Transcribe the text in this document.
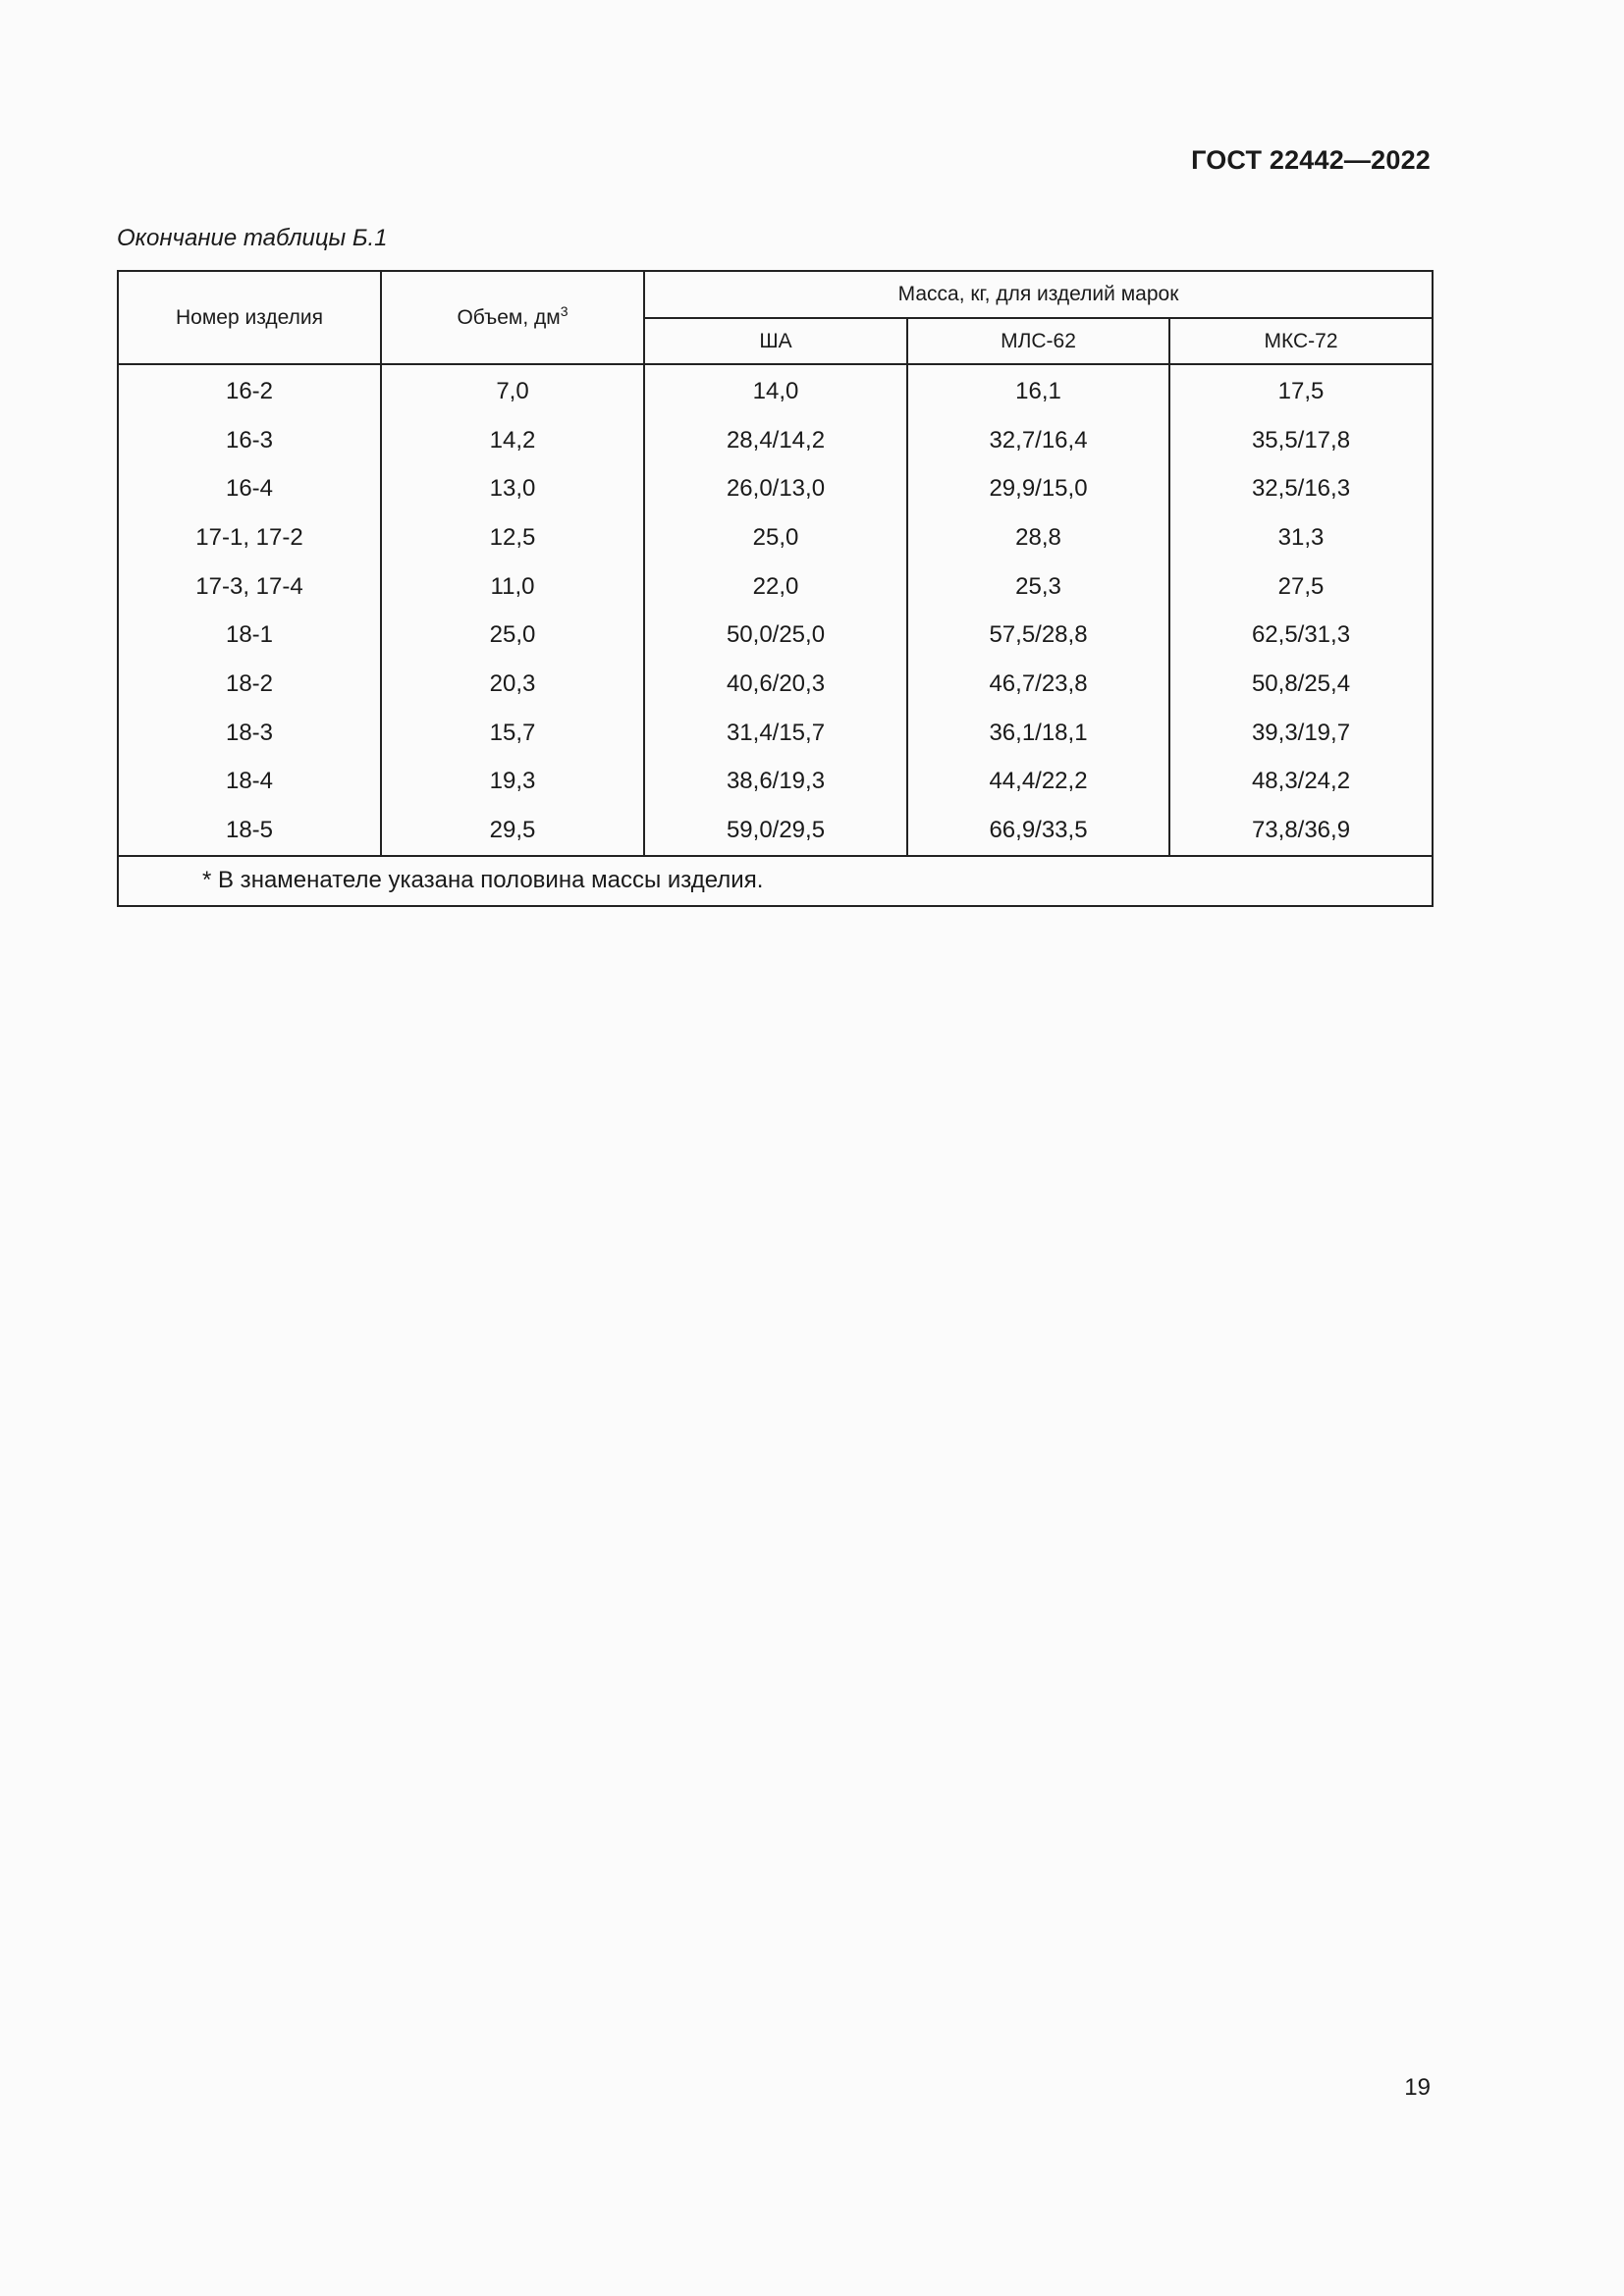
ГОСТ 22442—2022
Окончание таблицы Б.1
Номер изделия	Объем, $дм^3$	Масса, кг, для изделий марок		
		ША	МЛС-62	МКС-72
16-2	7,0	14,0	16,1	17,5
16-3	14,2	28,4/14,2	32,7/16,4	35,5/17,8
16-4	13,0	26,0/13,0	29,9/15,0	32,5/16,3
17-1, 17-2	12,5	25,0	28,8	31,3
17-3, 17-4	11,0	22,0	25,3	27,5
18-1	25,0	50,0/25,0	57,5/28,8	62,5/31,3
18-2	20,3	40,6/20,3	46,7/23,8	50,8/25,4
18-3	15,7	31,4/15,7	36,1/18,1	39,3/19,7
18-4	19,3	38,6/19,3	44,4/22,2	48,3/24,2
18-5	29,5	59,0/29,5	66,9/33,5	73,8/36,9
* В знаменателе указана половина массы изделия.				
19
